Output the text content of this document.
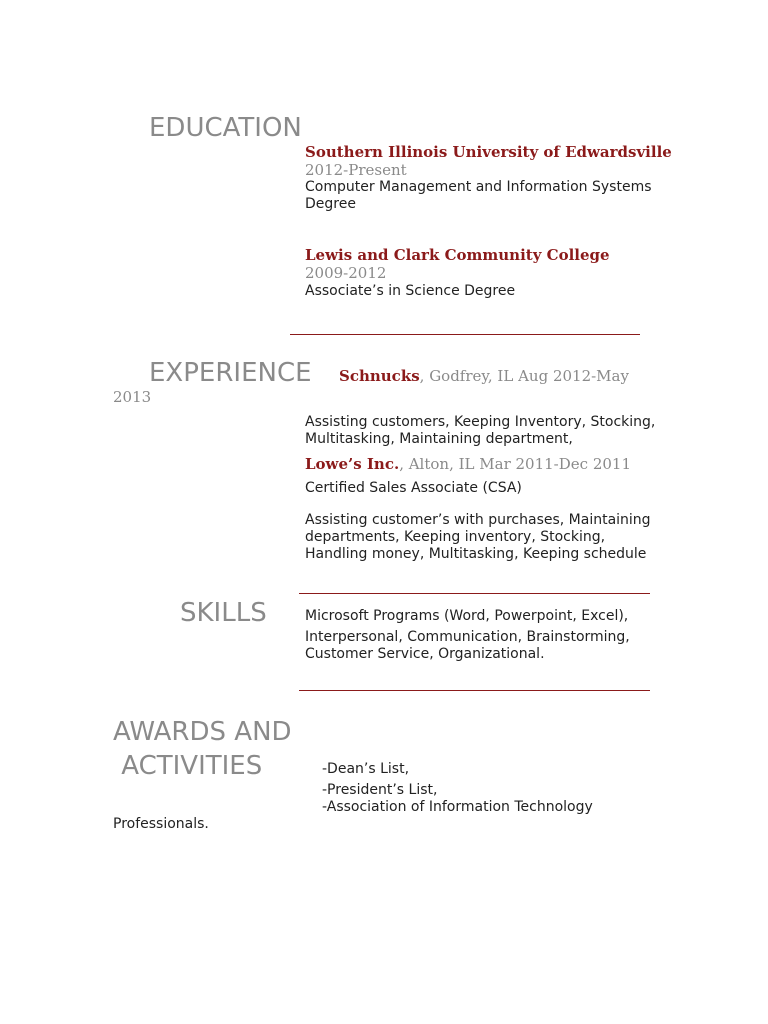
EDUCATION
Southern Illinois University of Edwardsville
2012-Present
Computer Management and Information Systems
Degree
Lewis and Clark Community College
2009-2012
Associate’s in Science Degree
EXPERIENCE Schnucks, Godfrey, IL Aug 2012-May
2013
Assisting customers, Keeping Inventory, Stocking,
Multitasking, Maintaining department,
Lowe’s Inc., Alton, IL Mar 2011-Dec 2011
Certified Sales Associate (CSA)
Assisting customer’s with purchases, Maintaining
departments, Keeping inventory, Stocking,
Handling money, Multitasking, Keeping schedule
SKILLS	Microsoft Programs (Word, Powerpoint, Excel),
Interpersonal, Communication, Brainstorming,
Customer Service, Organizational.
AWARDS AND
ACTIVITIES	-Dean’s List,
-President’s List,
-Association of Information Technology
Professionals.
